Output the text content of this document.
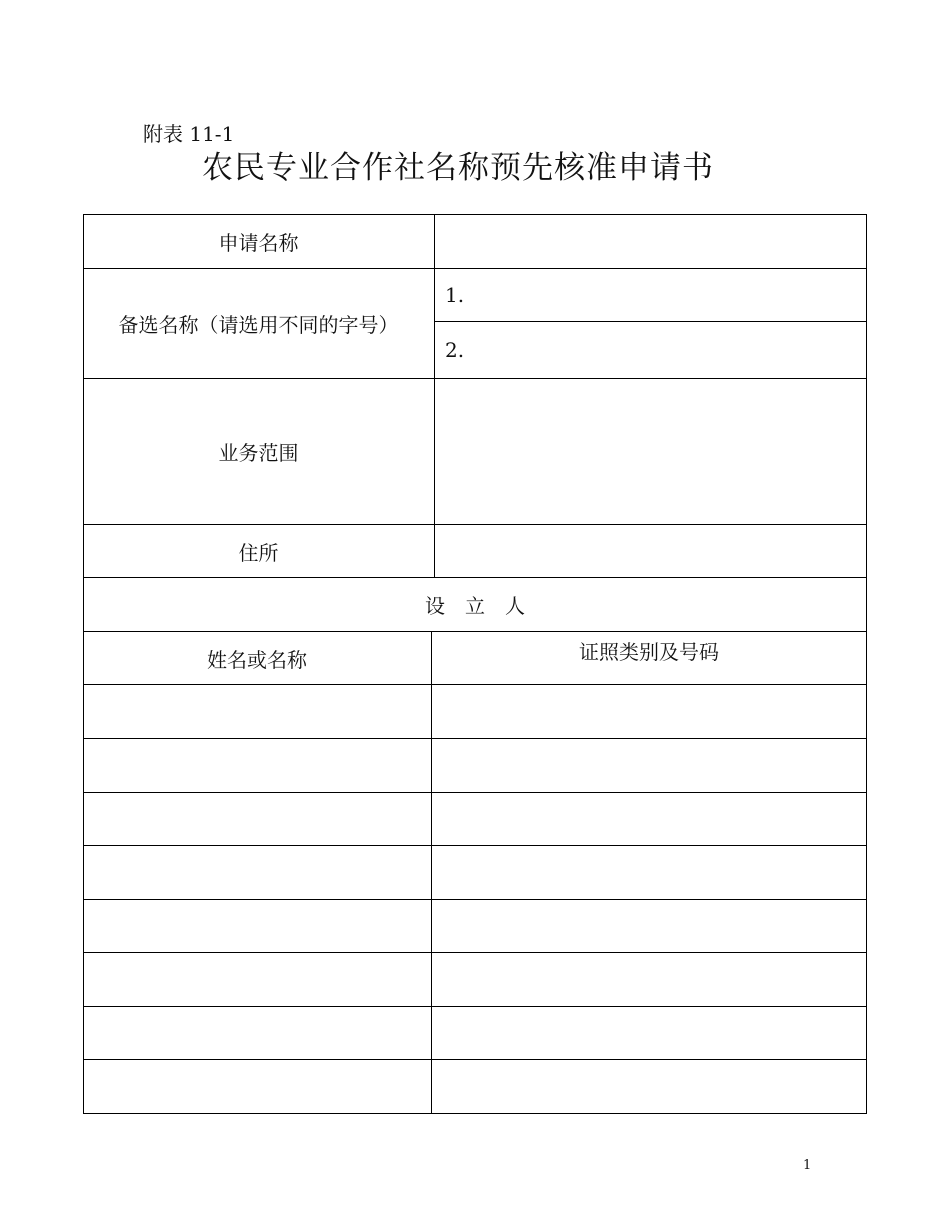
附表 11-1
农民专业合作社名称预先核准申请书
申请名称
备选名称（请选用不同的字号）
1.
2.
业务范围
住所
设　立　人
姓名或名称	证照类别及号码
1
